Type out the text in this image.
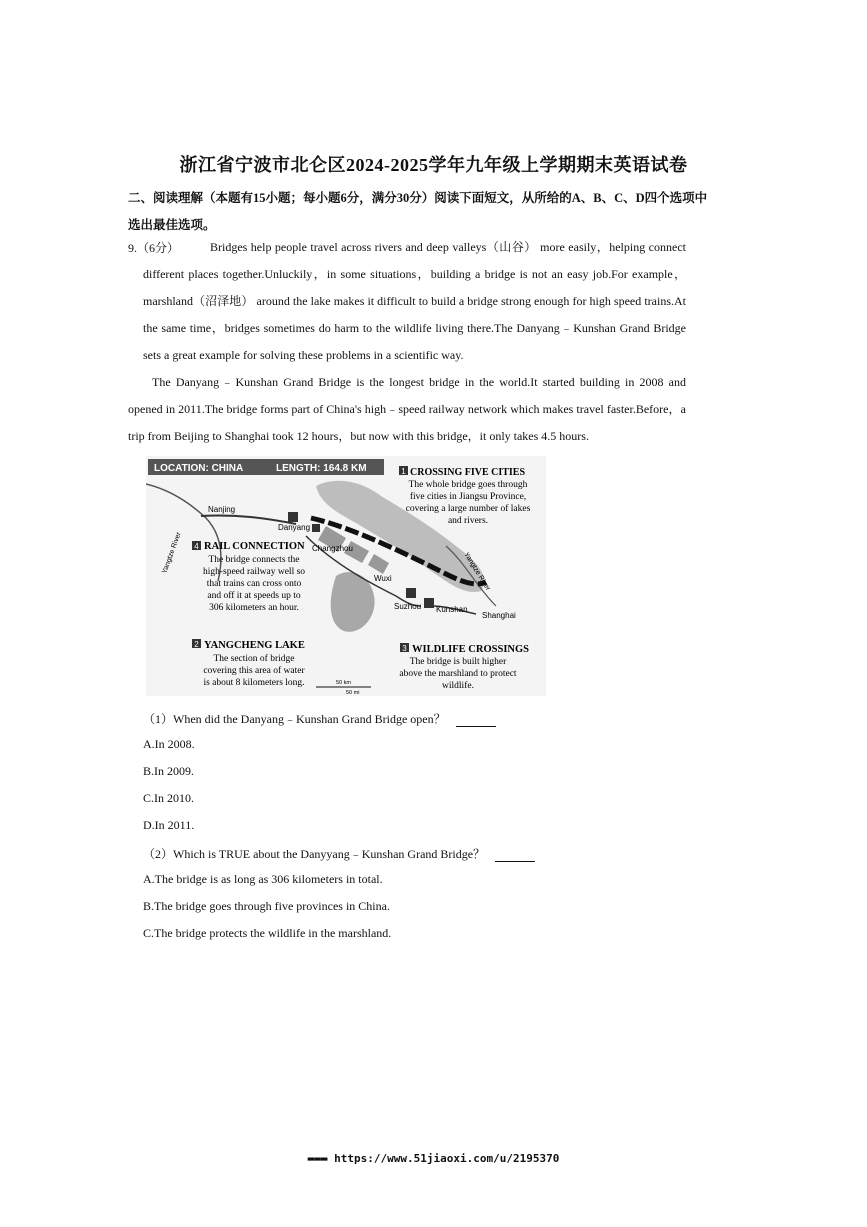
浙江省宁波市北仑区2024-2025学年九年级上学期期末英语试卷
二、阅读理解（本题有15小题；每小题6分，满分30分）阅读下面短文，从所给的A、B、C、D四个选项中选出最佳选项。
9.（6分）	Bridges help people travel across rivers and deep valleys（山谷） more easily，helping connect different places together.Unluckily，in some situations，building a bridge is not an easy job.For example，marshland（沼泽地） around the lake makes it difficult to build a bridge strong enough for high speed trains.At the same time，bridges sometimes do harm to the wildlife living there.The Danyang﹣Kunshan Grand Bridge sets a great example for solving these problems in a scientific way.
The Danyang﹣Kunshan Grand Bridge is the longest bridge in the world.It started building in 2008 and opened in 2011.The bridge forms part of China's high﹣speed railway network which makes travel faster.Before，a trip from Beijing to Shanghai took 12 hours，but now with this bridge，it only takes 4.5 hours.
LOCATION: CHINA	LENGTH: 164.8 KM
Nanjing
Danyang
Changzhou
Wuxi
Suzhou Kunshan
Shanghai
Yangtze River	Yangtze River
1 CROSSING FIVE CITIES
The whole bridge goes through
five cities in Jiangsu Province,
covering a large number of lakes
and rivers.
4 RAIL CONNECTION
The bridge connects the
high-speed railway well so
that trains can cross onto
and off it at speeds up to
306 kilometers an hour.
2 YANGCHENG LAKE
The section of bridge
covering this area of water
is about 8 kilometers long.
3 WILDLIFE CROSSINGS
The bridge is built higher
above the marshland to protect
wildlife.
50 km
50 mi
（1）When did the Danyang﹣Kunshan Grand Bridge open？
A.In 2008.
B.In 2009.
C.In 2010.
D.In 2011.
（2）Which is TRUE about the Danyyang﹣Kunshan Grand Bridge？
A.The bridge is as long as 306 kilometers in total.
B.The bridge goes through five provinces in China.
C.The bridge protects the wildlife in the marshland.
▬▬▬ https://www.51jiaoxi.com/u/2195370
